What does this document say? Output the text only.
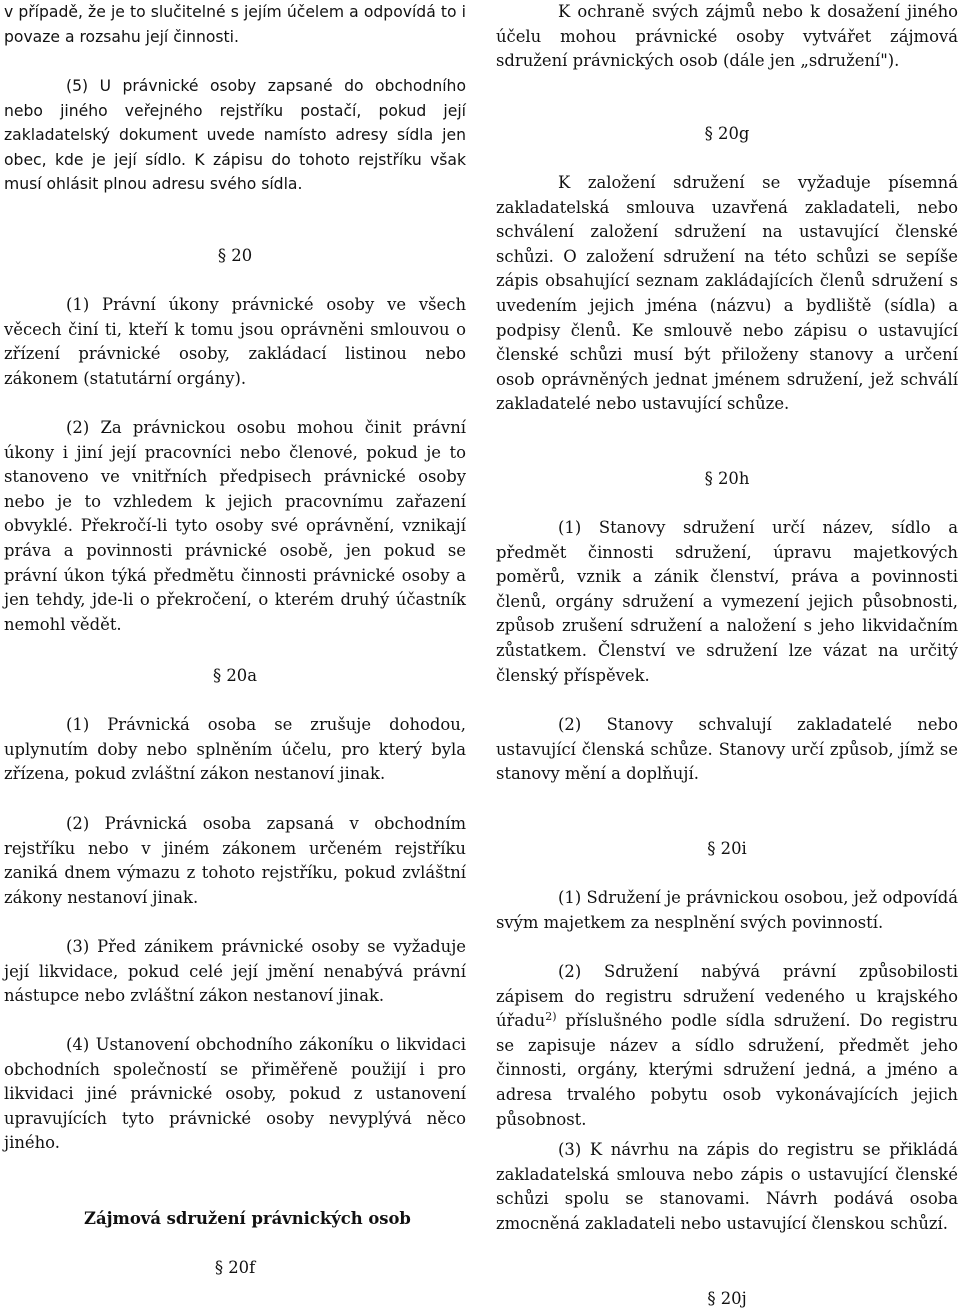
v případě, že je to slučitelné s jejím účelem a odpovídá to i povaze a rozsahu její činnosti.

(5) U právnické osoby zapsané do obchodního nebo jiného veřejného rejstříku postačí, pokud její zakladatelský dokument uvede namísto adresy sídla jen obec, kde je její sídlo. K zápisu do tohoto rejstříku však musí ohlásit plnou adresu svého sídla.

§ 20

(1) Právní úkony právnické osoby ve všech věcech činí ti, kteří k tomu jsou oprávněni smlouvou o zřízení právnické osoby, zakládací listinou nebo zákonem (statutární orgány).

(2) Za právnickou osobu mohou činit právní úkony i jiní její pracovníci nebo členové, pokud je to stanoveno ve vnitřních předpisech právnické osoby nebo je to vzhledem k jejich pracovnímu zařazení obvyklé. Překročí-li tyto osoby své oprávnění, vznikají práva a povinnosti právnické osobě, jen pokud se právní úkon týká předmětu činnosti právnické osoby a jen tehdy, jde-li o překročení, o kterém druhý účastník nemohl vědět.

§ 20a

(1) Právnická osoba se zrušuje dohodou, uplynutím doby nebo splněním účelu, pro který byla zřízena, pokud zvláštní zákon nestanoví jinak.

(2) Právnická osoba zapsaná v obchodním rejstříku nebo v jiném zákonem určeném rejstříku zaniká dnem výmazu z tohoto rejstříku, pokud zvláštní zákony nestanoví jinak.

(3) Před zánikem právnické osoby se vyžaduje její likvidace, pokud celé její jmění nenabývá právní nástupce nebo zvláštní zákon nestanoví jinak.

(4) Ustanovení obchodního zákoníku o likvidaci obchodních společností se přiměřeně použijí i pro likvidaci jiné právnické osoby, pokud z ustanovení upravujících tyto právnické osoby nevyplývá něco jiného.

Zájmová sdružení právnických osob

§ 20f

K ochraně svých zájmů nebo k dosažení jiného účelu mohou právnické osoby vytvářet zájmová sdružení právnických osob (dále jen „sdružení").

§ 20g

K založení sdružení se vyžaduje písemná zakladatelská smlouva uzavřená zakladateli, nebo schválení založení sdružení na ustavující členské schůzi. O založení sdružení na této schůzi se sepíše zápis obsahující seznam zakládajících členů sdružení s uvedením jejich jména (názvu) a bydliště (sídla) a podpisy členů. Ke smlouvě nebo zápisu o ustavující členské schůzi musí být přiloženy stanovy a určení osob oprávněných jednat jménem sdružení, jež schválí zakladatelé nebo ustavující schůze.

§ 20h

(1) Stanovy sdružení určí název, sídlo a předmět činnosti sdružení, úpravu majetkových poměrů, vznik a zánik členství, práva a povinnosti členů, orgány sdružení a vymezení jejich působnosti, způsob zrušení sdružení a naložení s jeho likvidačním zůstatkem. Členství ve sdružení lze vázat na určitý členský příspěvek.

(2) Stanovy schvalují zakladatelé nebo ustavující členská schůze. Stanovy určí způsob, jímž se stanovy mění a doplňují.

§ 20i

(1) Sdružení je právnickou osobou, jež odpovídá svým majetkem za nesplnění svých povinností.

(2) Sdružení nabývá právní způsobilosti zápisem do registru sdružení vedeného u krajského úřadu$^{2)}$ příslušného podle sídla sdružení. Do registru se zapisuje název a sídlo sdružení, předmět jeho činnosti, orgány, kterými sdružení jedná, a jméno a adresa trvalého pobytu osob vykonávajících jejich působnost.

(3) K návrhu na zápis do registru se přikládá zakladatelská smlouva nebo zápis o ustavující členské schůzi spolu se stanovami. Návrh podává osoba zmocněná zakladateli nebo ustavující členskou schůzí.

§ 20j
